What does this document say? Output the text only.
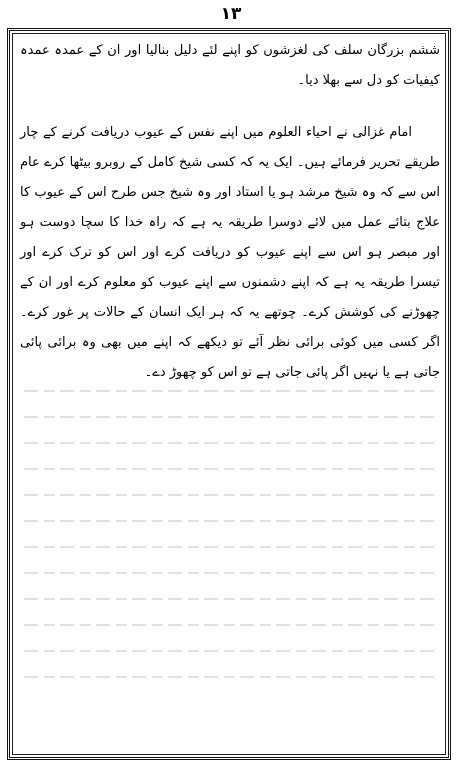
۱۳

ششم بزرگان سلف کی لغزشوں کو اپنے لئے دلیل بنالیا اور ان کے عمدہ عمدہ کیفیات کو دل سے بھلا دیا۔

امام غزالی نے احیاء العلوم میں اپنے نفس کے عیوب دریافت کرنے کے چار طریقے تحریر فرمائے ہیں۔ ایک یہ کہ کسی شیخ کامل کے روبرو بیٹھا کرے عام اس سے کہ وہ شیخ مرشد ہو یا استاد اور وہ شیخ جس طرح اس کے عیوب کا علاج بتائے عمل میں لائے دوسرا طریقہ یہ ہے کہ راہ خدا کا سچا دوست ہو اور مبصر ہو اس سے اپنے عیوب کو دریافت کرے اور اس کو ترک کرے اور تیسرا طریقہ یہ ہے کہ اپنے دشمنوں سے اپنے عیوب کو معلوم کرے اور ان کے چھوڑنے کی کوشش کرے۔ چوتھے یہ کہ ہر ایک انسان کے حالات پر غور کرے۔ اگر کسی میں کوئی برائی نظر آئے تو دیکھے کہ اپنے میں بھی وہ برائی پائی جاتی ہے یا نہیں اگر پائی جاتی ہے تو اس کو چھوڑ دے۔
